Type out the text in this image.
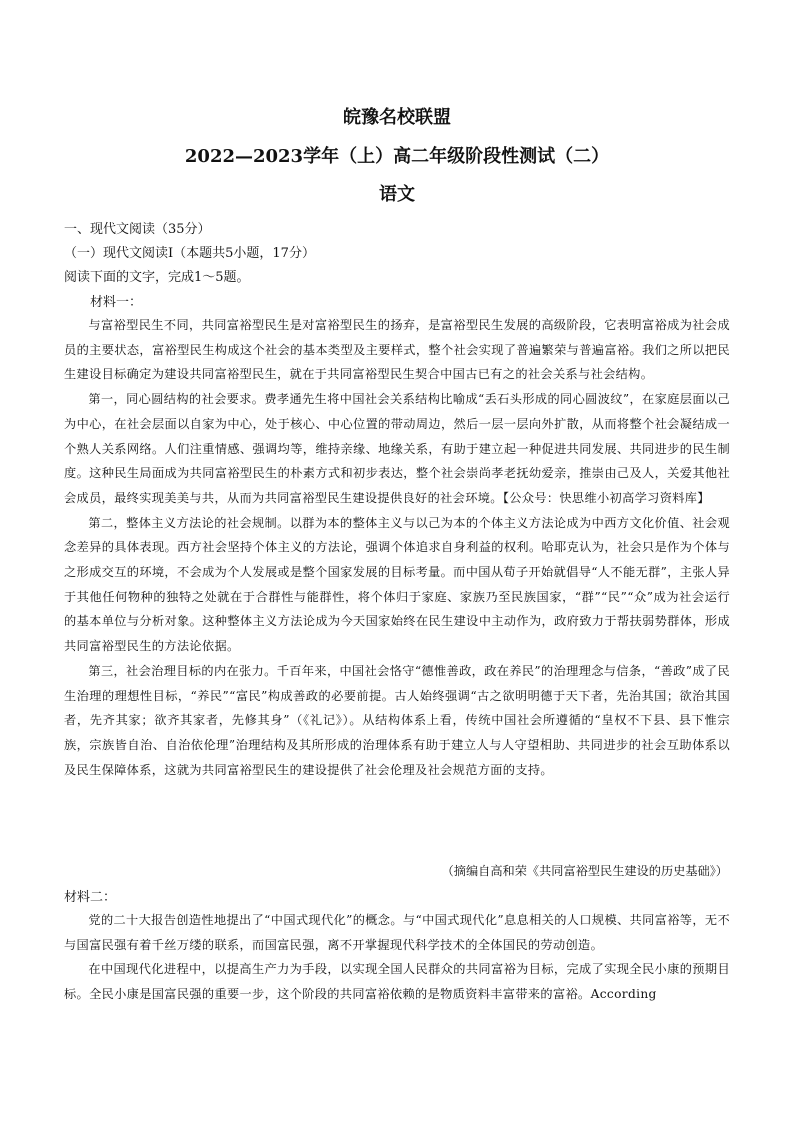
皖豫名校联盟
2022—2023学年（上）高二年级阶段性测试（二）
语文
一、现代文阅读（35分）
（一）现代文阅读Ⅰ（本题共5小题，17分）
阅读下面的文字，完成1～5题。
材料一：

与富裕型民生不同，共同富裕型民生是对富裕型民生的扬弃，是富裕型民生发展的高级阶段，它表明富裕成为社会成员的主要状态，富裕型民生构成这个社会的基本类型及主要样式，整个社会实现了普遍繁荣与普遍富裕。我们之所以把民生建设目标确定为建设共同富裕型民生，就在于共同富裕型民生契合中国古已有之的社会关系与社会结构。

第一，同心圆结构的社会要求。费孝通先生将中国社会关系结构比喻成“丢石头形成的同心圆波纹”，在家庭层面以己为中心，在社会层面以自家为中心，处于核心、中心位置的带动周边，然后一层一层向外扩散，从而将整个社会凝结成一个熟人关系网络。人们注重情感、强调均等，维持亲缘、地缘关系，有助于建立起一种促进共同发展、共同进步的民生制度。这种民生局面成为共同富裕型民生的朴素方式和初步表达，整个社会崇尚孝老抚幼爱亲，推崇由己及人，关爱其他社会成员，最终实现美美与共，从而为共同富裕型民生建设提供良好的社会环境。【公众号：快思维小初高学习资料库】

第二，整体主义方法论的社会规制。以群为本的整体主义与以己为本的个体主义方法论成为中西方文化价值、社会观念差异的具体表现。西方社会坚持个体主义的方法论，强调个体追求自身利益的权利。哈耶克认为，社会只是作为个体与之形成交互的环境，不会成为个人发展或是整个国家发展的目标考量。而中国从荀子开始就倡导“人不能无群”，主张人异于其他任何物种的独特之处就在于合群性与能群性，将个体归于家庭、家族乃至民族国家，“群”“民”“众”成为社会运行的基本单位与分析对象。这种整体主义方法论成为今天国家始终在民生建设中主动作为，政府致力于帮扶弱势群体，形成共同富裕型民生的方法论依据。

第三，社会治理目标的内在张力。千百年来，中国社会恪守“德惟善政，政在养民”的治理理念与信条，“善政”成了民生治理的理想性目标，“养民”“富民”构成善政的必要前提。古人始终强调“古之欲明明德于天下者，先治其国；欲治其国者，先齐其家；欲齐其家者，先修其身”（《礼记》）。从结构体系上看，传统中国社会所遵循的“皇权不下县、县下惟宗族，宗族皆自治、自治依伦理”治理结构及其所形成的治理体系有助于建立人与人守望相助、共同进步的社会互助体系以及民生保障体系，这就为共同富裕型民生的建设提供了社会伦理及社会规范方面的支持。

（摘编自高和荣《共同富裕型民生建设的历史基础》）
材料二：

党的二十大报告创造性地提出了“中国式现代化”的概念。与“中国式现代化”息息相关的人口规模、共同富裕等，无不与国富民强有着千丝万缕的联系，而国富民强，离不开掌握现代科学技术的全体国民的劳动创造。

在中国现代化进程中，以提高生产力为手段，以实现全国人民群众的共同富裕为目标，完成了实现全民小康的预期目标。全民小康是国富民强的重要一步，这个阶段的共同富裕依赖的是物质资料丰富带来的富裕。According
